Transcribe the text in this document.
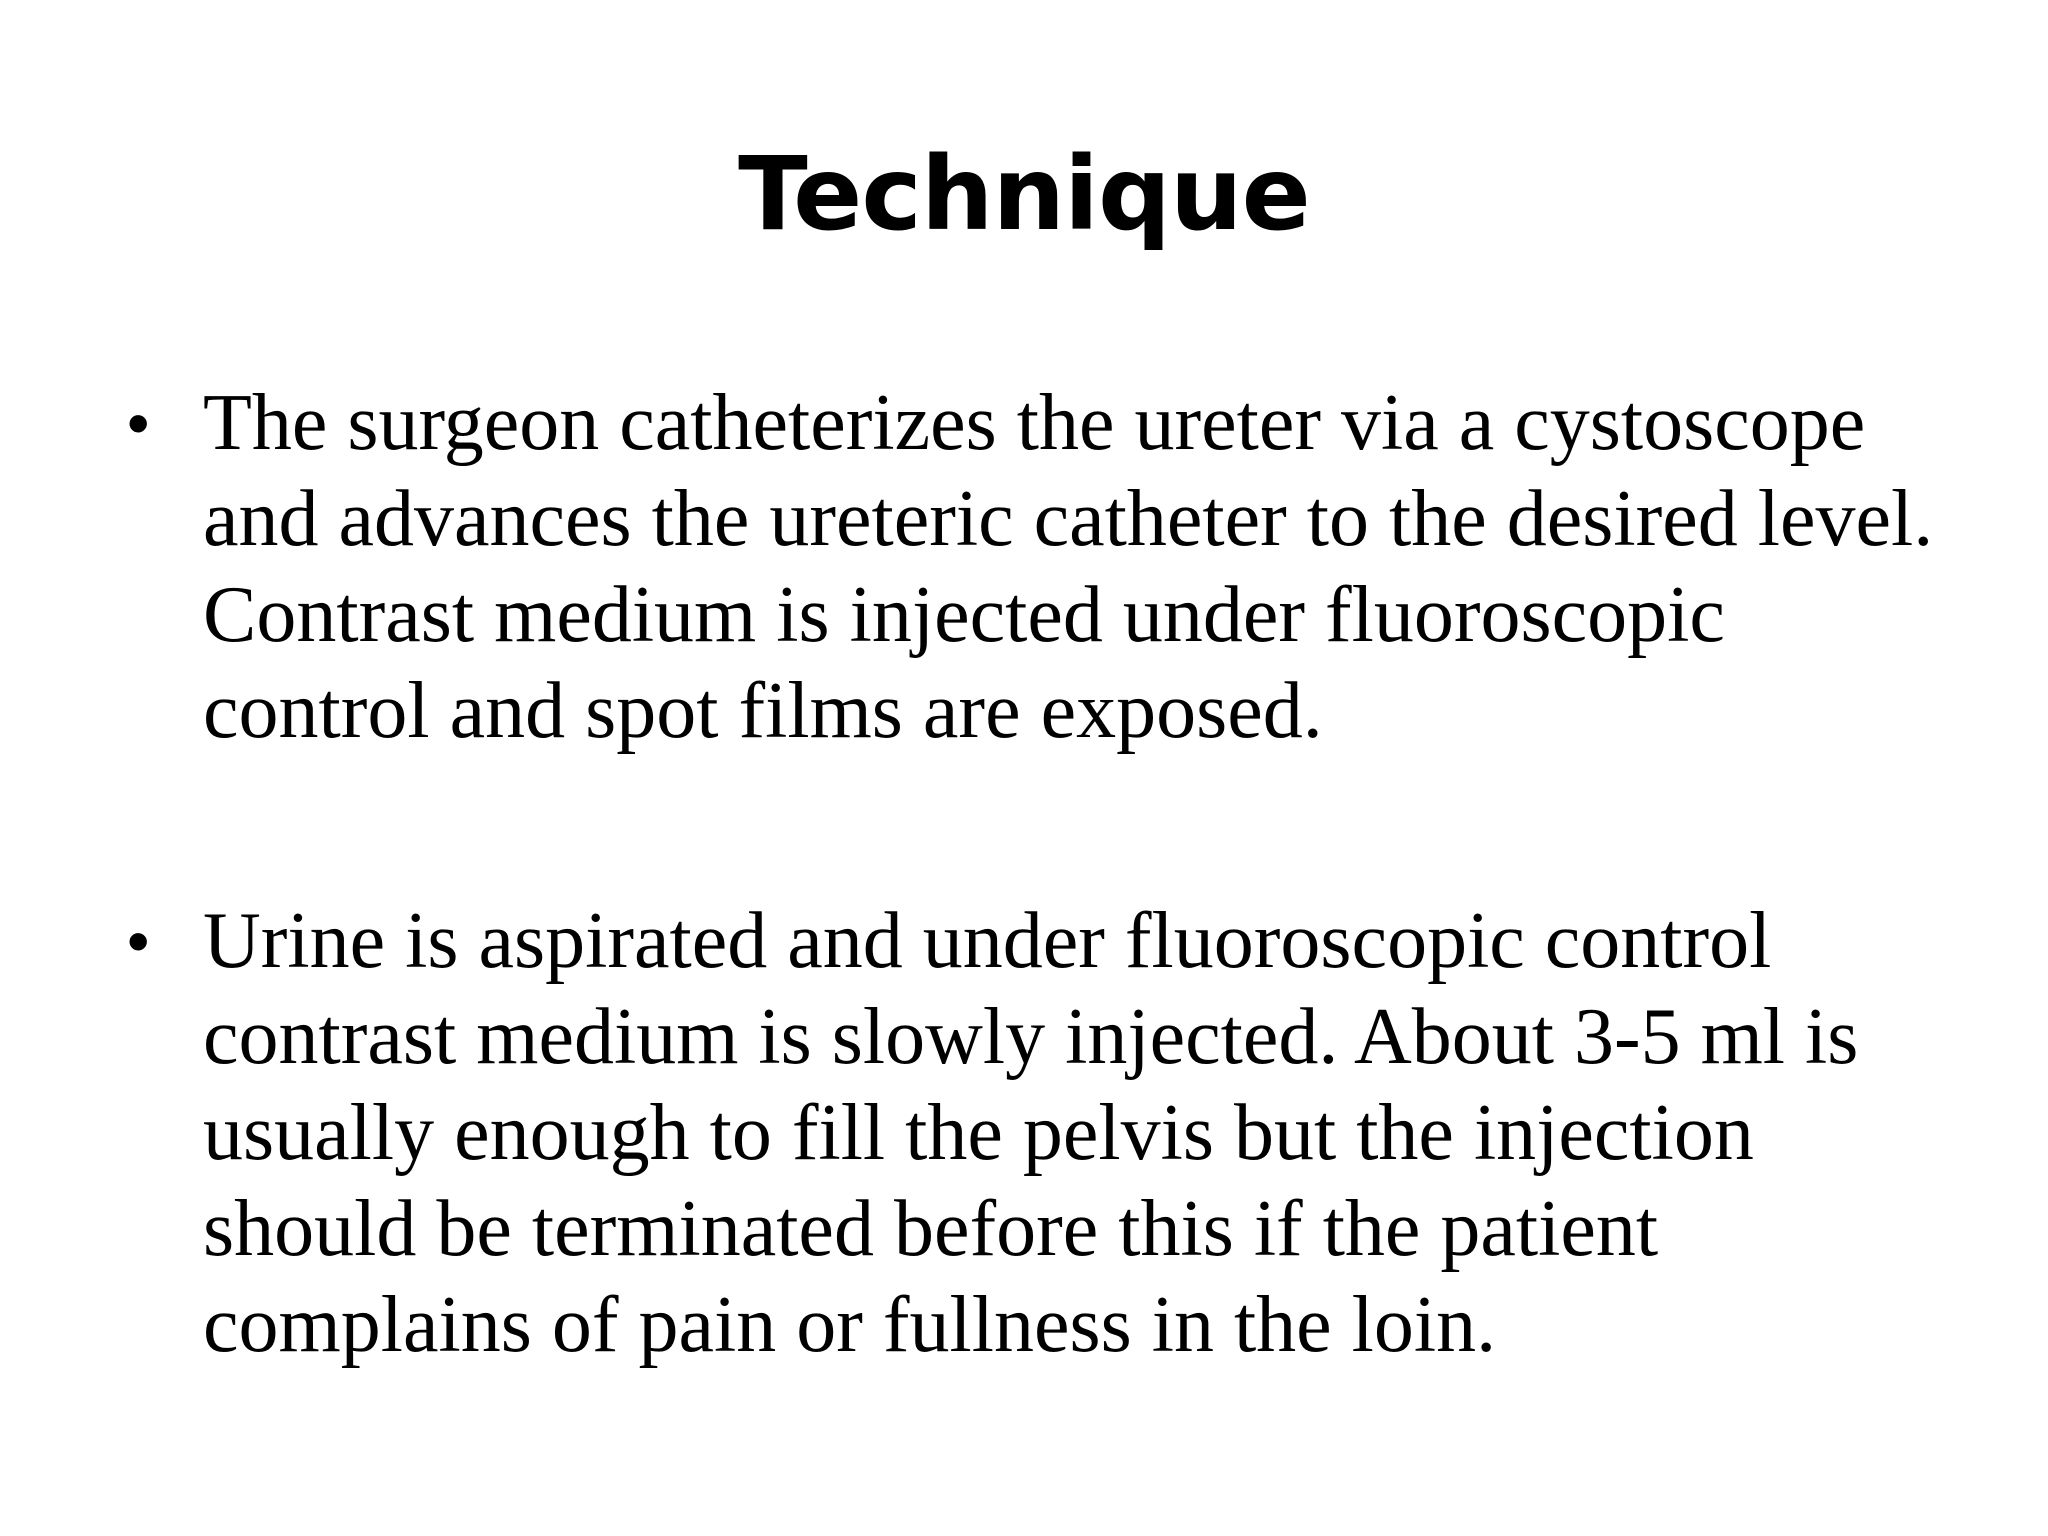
Technique
• The surgeon catheterizes the ureter via a cystoscope
and advances the ureteric catheter to the desired level.
Contrast medium is injected under fluoroscopic
control and spot films are exposed.

• Urine is aspirated and under fluoroscopic control
contrast medium is slowly injected. About 3-5 ml is
usually enough to fill the pelvis but the injection
should be terminated before this if the patient
complains of pain or fullness in the loin.
